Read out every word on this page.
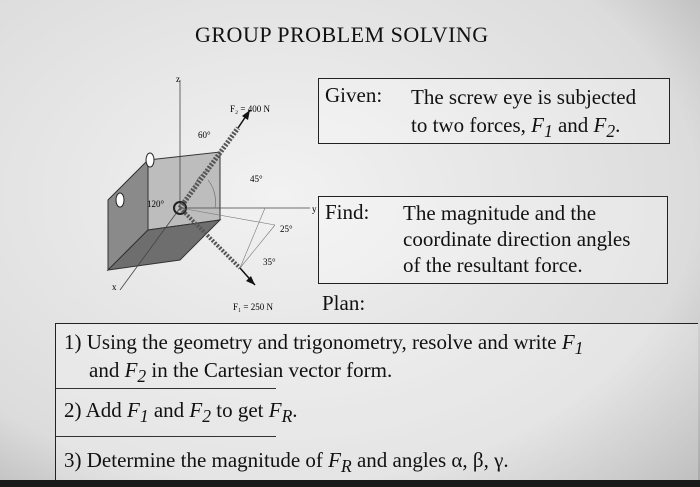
GROUP PROBLEM SOLVING
z
y
x
F₂ = 400 N
F₁ = 250 N
60°
45°
120°
25°
35°
Given: The screw eye is subjected
to two forces, $F_1$ and $F_2$.
Find: The magnitude and the
coordinate direction angles
of the resultant force.
Plan:
1) Using the geometry and trigonometry, resolve and write $F_1$
and $F_2$ in the Cartesian vector form.
2) Add $F_1$ and $F_2$ to get $F_R$.
3) Determine the magnitude of $F_R$ and angles α, β, γ.
